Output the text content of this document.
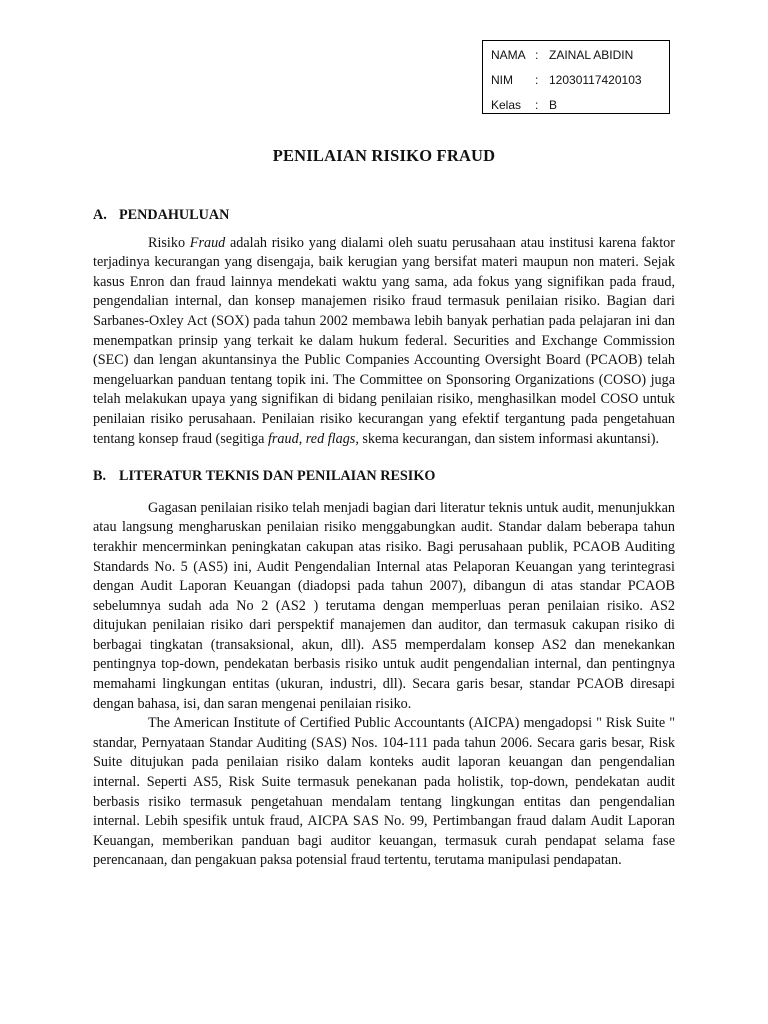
NAMA : ZAINAL ABIDIN
NIM	: 12030117420103
Kelas	: B
PENILAIAN RISIKO FRAUD
A. PENDAHULUAN

Risiko Fraud adalah risiko yang dialami oleh suatu perusahaan atau institusi karena faktor terjadinya kecurangan yang disengaja, baik kerugian yang bersifat materi maupun non materi. Sejak kasus Enron dan fraud lainnya mendekati waktu yang sama, ada fokus yang signifikan pada fraud, pengendalian internal, dan konsep manajemen risiko fraud termasuk penilaian risiko. Bagian dari Sarbanes-Oxley Act (SOX) pada tahun 2002 membawa lebih banyak perhatian pada pelajaran ini dan menempatkan prinsip yang terkait ke dalam hukum federal. Securities and Exchange Commission (SEC) dan lengan akuntansinya the Public Companies Accounting Oversight Board (PCAOB) telah mengeluarkan panduan tentang topik ini. The Committee on Sponsoring Organizations (COSO) juga telah melakukan upaya yang signifikan di bidang penilaian risiko, menghasilkan model COSO untuk penilaian risiko perusahaan. Penilaian risiko kecurangan yang efektif tergantung pada pengetahuan tentang konsep fraud (segitiga fraud, red flags, skema kecurangan, dan sistem informasi akuntansi).

B. LITERATUR TEKNIS DAN PENILAIAN RESIKO

Gagasan penilaian risiko telah menjadi bagian dari literatur teknis untuk audit, menunjukkan atau langsung mengharuskan penilaian risiko menggabungkan audit. Standar dalam beberapa tahun terakhir mencerminkan peningkatan cakupan atas risiko. Bagi perusahaan publik, PCAOB Auditing Standards No. 5 (AS5) ini, Audit Pengendalian Internal atas Pelaporan Keuangan yang terintegrasi dengan Audit Laporan Keuangan (diadopsi pada tahun 2007), dibangun di atas standar PCAOB sebelumnya sudah ada No 2 (AS2 ) terutama dengan memperluas peran penilaian risiko. AS2 ditujukan penilaian risiko dari perspektif manajemen dan auditor, dan termasuk cakupan risiko di berbagai tingkatan (transaksional, akun, dll). AS5 memperdalam konsep AS2 dan menekankan pentingnya top-down, pendekatan berbasis risiko untuk audit pengendalian internal, dan pentingnya memahami lingkungan entitas (ukuran, industri, dll). Secara garis besar, standar PCAOB diresapi dengan bahasa, isi, dan saran mengenai penilaian risiko.

The American Institute of Certified Public Accountants (AICPA) mengadopsi " Risk Suite " standar, Pernyataan Standar Auditing (SAS) Nos. 104-111 pada tahun 2006. Secara garis besar, Risk Suite ditujukan pada penilaian risiko dalam konteks audit laporan keuangan dan pengendalian internal. Seperti AS5, Risk Suite termasuk penekanan pada holistik, top-down, pendekatan audit berbasis risiko termasuk pengetahuan mendalam tentang lingkungan entitas dan pengendalian internal. Lebih spesifik untuk fraud, AICPA SAS No. 99, Pertimbangan fraud dalam Audit Laporan Keuangan, memberikan panduan bagi auditor keuangan, termasuk curah pendapat selama fase perencanaan, dan pengakuan paksa potensial fraud tertentu, terutama manipulasi pendapatan.
